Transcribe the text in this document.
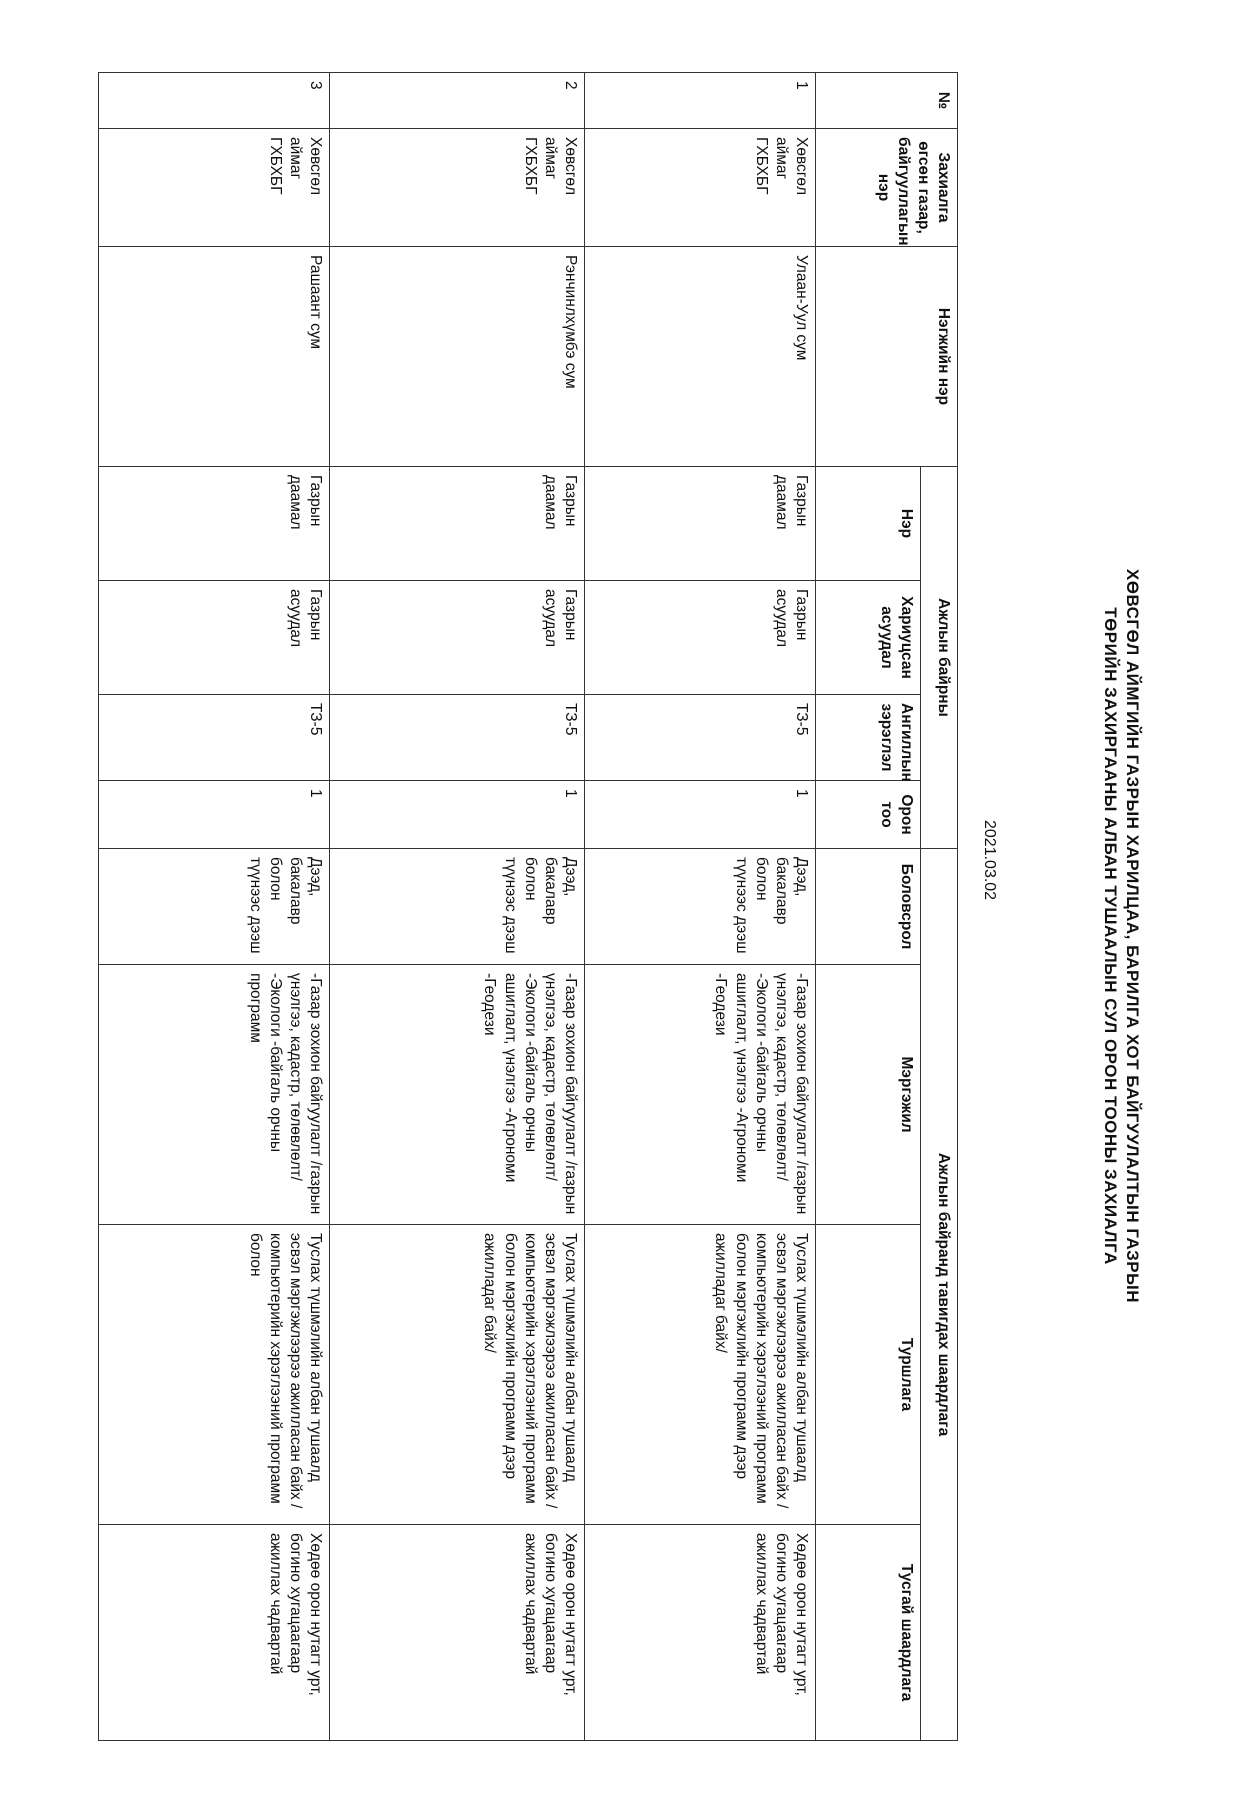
ХӨВСГӨЛ АЙМГИЙН ГАЗРЫН ХАРИЛЦАА, БАРИЛГА ХОТ БАЙГУУЛАЛТЫН ГАЗРЫН
ТӨРИЙН ЗАХИРГААНЫ АЛБАН ТУШААЛЫН СУЛ ОРОН ТООНЫ ЗАХИАЛГА
2021.03.02
№	Захиалга өгсөн газар, байгууллагын нэр	Нэгжийн нэр	Ажлын байрны				Ажлын байранд тавигдах шаардлага			
			Нэр	Хариуцсан асуудал	Ангиллын зэрэглэл	Орон тоо	Боловсрол	Мэргэжил	Туршлага	Тусгай шаардлага
1	Хөвсгөл аймаг ГХБХБГ	Улаан-Уул сум	Газрын даамал	Газрын асуудал	ТЗ-5	1	Дээд, бакалавр болон түүнээс дээш	-Газар зохион байгуулалт /газрын үнэлгээ, кадастр, төлөвлөлт/ -Экологи -байгаль орчны ашиглалт, үнэлгээ -Агрономи -Геодези	Туслах түшмэлийн албан тушаалд эсвэл мэргэжлээрээ ажилласан байх / компьютерийн хэрэглээний программ болон мэргэжлийн программ дээр ажилладаг байх/	Хөдөө орон нутагт урт, богино хугацаагаар ажиллах чадвартай
2	Хөвсгөл аймаг ГХБХБГ	Рэнчинлхүмбэ сум	Газрын даамал	Газрын асуудал	ТЗ-5	1	Дээд, бакалавр болон түүнээс дээш	-Газар зохион байгуулалт /газрын үнэлгээ, кадастр, төлөвлөлт/ -Экологи -байгаль орчны ашиглалт, үнэлгээ -Агрономи -Геодези	Туслах түшмэлийн албан тушаалд эсвэл мэргэжлээрээ ажилласан байх / компьютерийн хэрэглээний программ болон мэргэжлийн программ дээр ажилладаг байх/	Хөдөө орон нутагт урт, богино хугацаагаар ажиллах чадвартай
3	Хөвсгөл аймаг ГХБХБГ	Рашаант сум	Газрын даамал	Газрын асуудал	ТЗ-5	1	Дээд, бакалавр болон түүнээс дээш	-Газар зохион байгуулалт /газрын үнэлгээ, кадастр, төлөвлөлт/ -Экологи -байгаль орчны программ	Туслах түшмэлийн албан тушаалд эсвэл мэргэжлээрээ ажилласан байх / компьютерийн хэрэглээний программ болон	Хөдөө орон нутагт урт, богино хугацаагаар ажиллах чадвартай
